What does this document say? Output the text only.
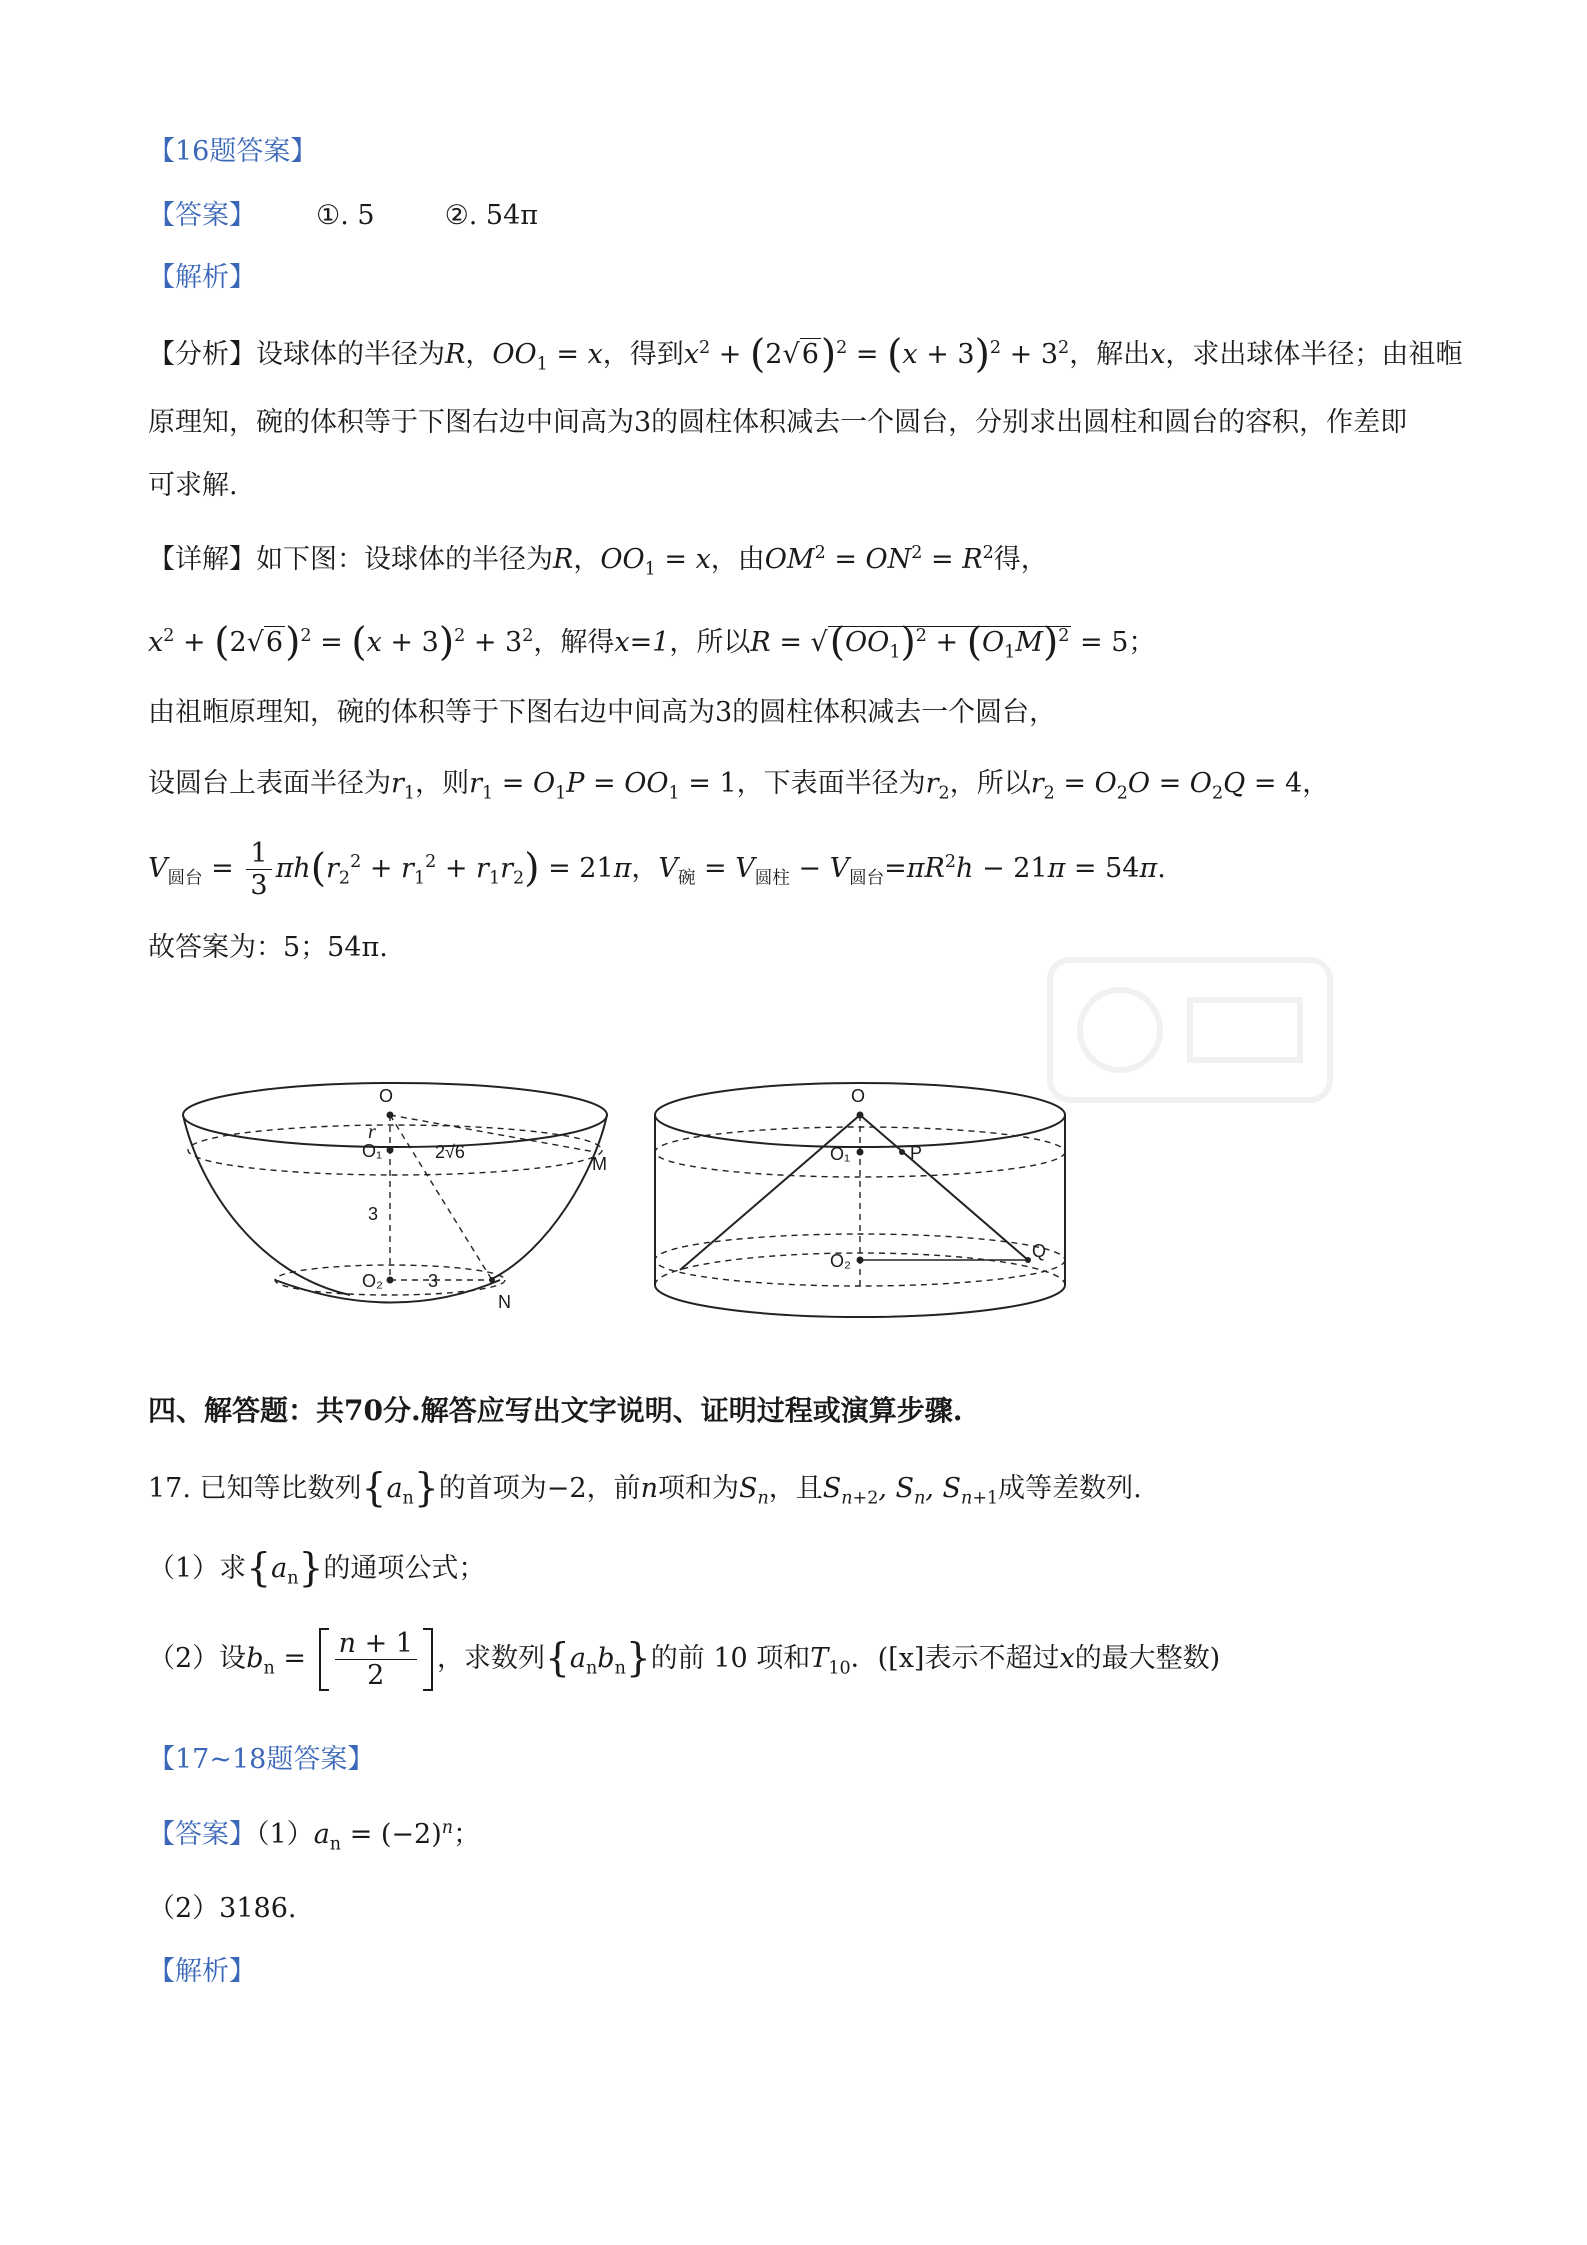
【16题答案】
【答案】 ①. 5	②. 54π
【解析】
【分析】设球体的半径为R，$OO_1 = x$，得到$x^2 + (2√6)^2 = (x + 3)^2 + 3^2$，解出x，求出球体半径；由祖暅
原理知，碗的体积等于下图右边中间高为3的圆柱体积减去一个圆台，分别求出圆柱和圆台的容积，作差即
可求解.
【详解】如下图：设球体的半径为R，$OO_1 = x$，由$OM^2 = ON^2 = R^2$得，
$x^2 + (2√6)^2 = (x + 3)^2 + 3^2$，解得x=1，所以$R = √(OO_1)^2 + (O_1M)^2 = 5$；
由祖暅原理知，碗的体积等于下图右边中间高为3的圆柱体积减去一个圆台，
设圆台上表面半径为$r_1$，则$r_1 = O_1P = OO_1 = 1$，下表面半径为$r_2$，所以$r_2 = O_2O = O_2Q = 4$，
$V_{圆台} = \frac{1}{3} \pi h(r_2^2 + r_1^2 + r_1r_2) = 21\pi$，$V_碗 = V_{圆柱} - V_{圆台}=\pi R^2h - 21\pi = 54\pi$.
故答案为：5；54π.
O
r
O₁	2√6
M
3
O₂	3
N
O
O₁	P
O₂	Q
四、解答题：共70分.解答应写出文字说明、证明过程或演算步骤.
17. 已知等比数列$\{a_n\}$的首项为−2，前n项和为$S_n$，且$S_{n+2}$, $S_n$, $S_{n+1}$成等差数列.
（1）求$\{a_n\}$的通项公式；
（2）设$b_n = \frac{n + 1}{2}$ ，求数列$\{a_nb_n\}$的前 10 项和$T_{10}$．([x]表示不超过x的最大整数)
【17~18题答案】
【答案】$(1)a_n = (-2)^n$；
（2）3186.
【解析】
